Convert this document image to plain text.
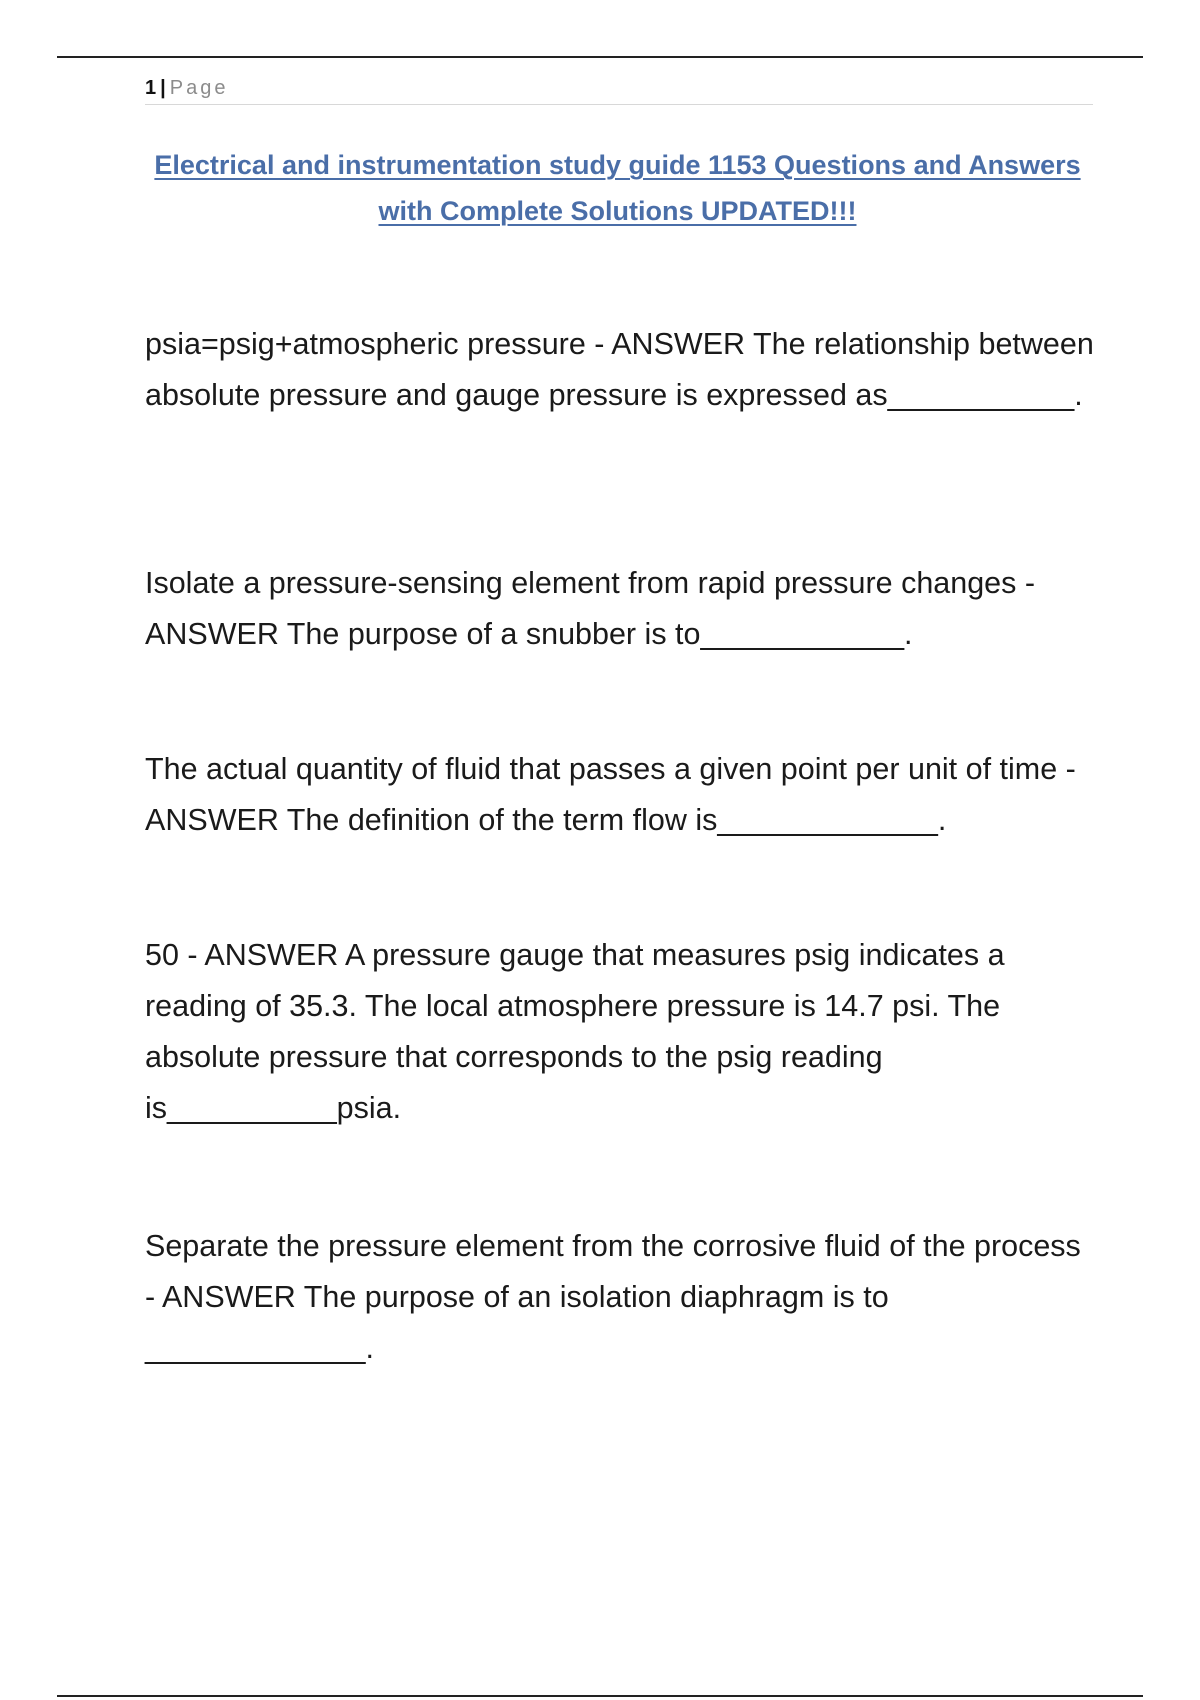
1 | Page
Electrical and instrumentation study guide 1153 Questions and Answers with Complete Solutions UPDATED!!!

psia=psig+atmospheric pressure - ANSWER The relationship between absolute pressure and gauge pressure is expressed as___________.

Isolate a pressure-sensing element from rapid pressure changes - ANSWER The purpose of a snubber is to____________.

The actual quantity of fluid that passes a given point per unit of time - ANSWER The definition of the term flow is_____________.

50 - ANSWER A pressure gauge that measures psig indicates a reading of 35.3. The local atmosphere pressure is 14.7 psi. The absolute pressure that corresponds to the psig reading is__________psia.

Separate the pressure element from the corrosive fluid of the process - ANSWER The purpose of an isolation diaphragm is to _____________.
